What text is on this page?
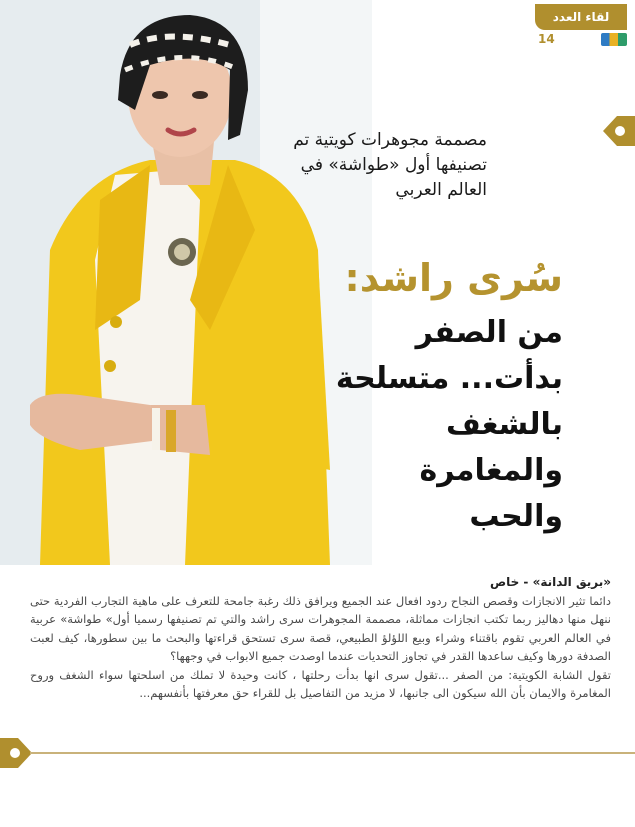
لقاء العدد
14
مصممة مجوهرات كويتية تم تصنيفها أول «طواشة» في العالم العربي
سُرى راشد:
من الصفر
بدأت... متسلحة
بالشغف
والمغامرة
والحب
«بريق الدانة» - خاص

دائما تثير الانجازات وقصص النجاح ردود افعال عند الجميع ويرافق ذلك رغبة جامحة للتعرف على ماهية التجارب الفردية حتى ننهل منها دهاليز ربما تكتب انجازات مماثلة، مصممة المجوهرات سرى راشد والتي تم تصنيفها رسميا أول» طواشة» عربية في العالم العربي تقوم باقتناء وشراء وبيع اللؤلؤ الطبيعي، قصة سرى تستحق قراءتها والبحث ما بين سطورها، كيف لعبت الصدفة دورها وكيف ساعدها القدر في تجاوز التحديات عندما اوصدت جميع الابواب في وجهها؟

تقول الشابة الكويتية: من الصفر ...تقول سرى انها بدأت رحلتها ، كانت وحيدة لا تملك من اسلحتها سواء الشغف وروح المغامرة والايمان بأن الله سيكون الى جانبها، لا مزيد من التفاصيل بل للقراء حق معرفتها بأنفسهم...
